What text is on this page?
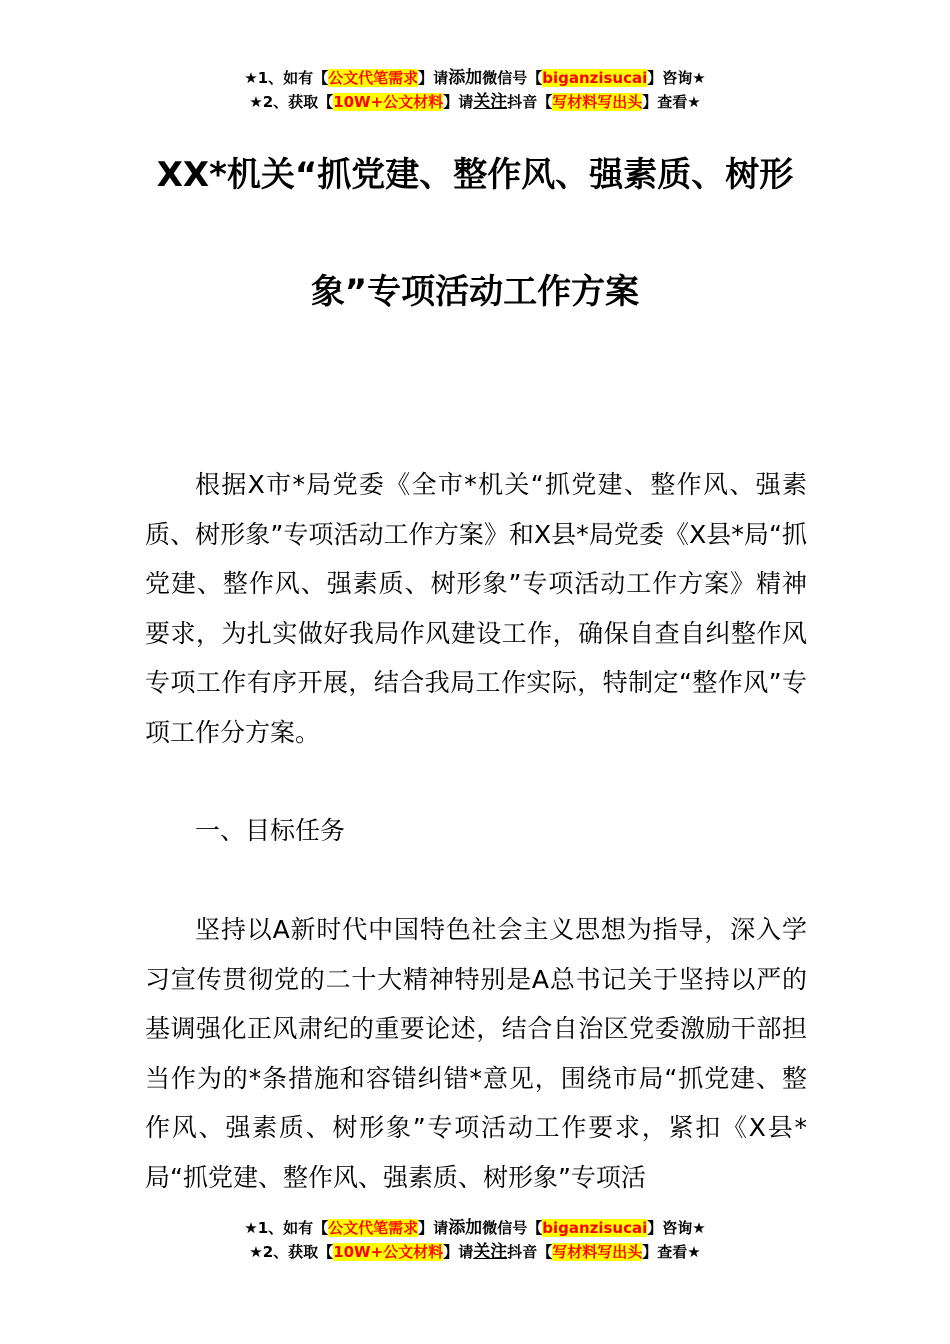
★1、如有【公文代笔需求】请添加微信号【biganzisucai】咨询★
★2、获取【10W+公文材料】请关注抖音【写材料写出头】查看★
XX*机关“抓党建、整作风、强素质、树形
象”专项活动工作方案

根据X市*局党委《全市*机关“抓党建、整作风、强素质、树形象”专项活动工作方案》和X县*局党委《X县*局“抓党建、整作风、强素质、树形象”专项活动工作方案》精神要求，为扎实做好我局作风建设工作，确保自查自纠整作风专项工作有序开展，结合我局工作实际，特制定“整作风”专项工作分方案。

一、目标任务

坚持以A新时代中国特色社会主义思想为指导，深入学习宣传贯彻党的二十大精神特别是A总书记关于坚持以严的基调强化正风肃纪的重要论述，结合自治区党委激励干部担当作为的*条措施和容错纠错*意见，围绕市局“抓党建、整作风、强素质、树形象”专项活动工作要求，紧扣《X县*局“抓党建、整作风、强素质、树形象”专项活

★1、如有【公文代笔需求】请添加微信号【biganzisucai】咨询★
★2、获取【10W+公文材料】请关注抖音【写材料写出头】查看★
